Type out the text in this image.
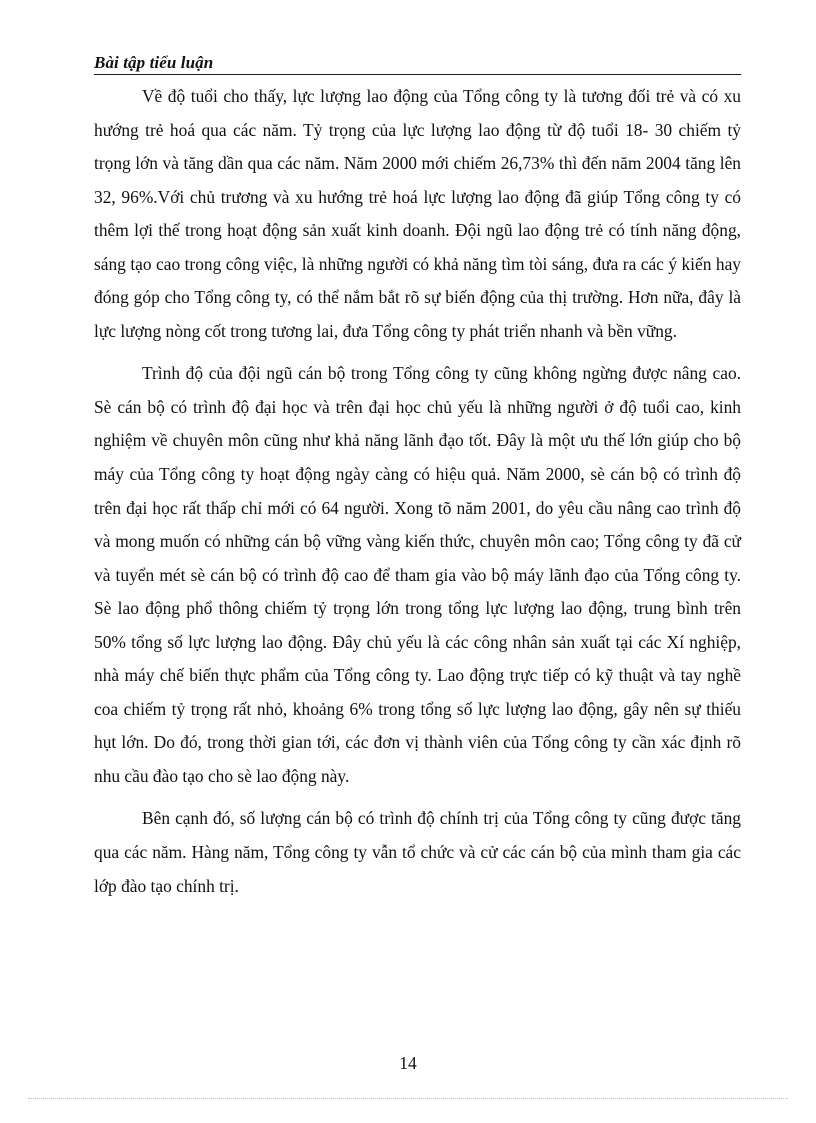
Bài tập tiểu luận

Về độ tuổi cho thấy, lực lượng lao động của Tổng công ty là tương đối trẻ và có xu hướng trẻ hoá qua các năm. Tỷ trọng của lực lượng lao động từ độ tuổi 18- 30 chiếm tỷ trọng lớn và tăng dần qua các năm. Năm 2000 mới chiếm 26,73% thì đến năm 2004 tăng lên 32, 96%.Với chủ trương và xu hướng trẻ hoá lực lượng lao động đã giúp Tổng công ty có thêm lợi thế trong hoạt động sản xuất kinh doanh. Đội ngũ lao động trẻ có tính năng động, sáng tạo cao trong công việc, là những người có khả năng tìm tòi sáng, đưa ra các ý kiến hay đóng góp cho Tổng công ty, có thể nắm bắt rõ sự biến động của thị trường. Hơn nữa, đây là lực lượng nòng cốt trong tương lai, đưa Tổng công ty phát triển nhanh và bền vững.

Trình độ của đội ngũ cán bộ trong Tổng công ty cũng không ngừng được nâng cao. Sè cán bộ có trình độ đại học và trên đại học chủ yếu là những người ở độ tuổi cao, kinh nghiệm về chuyên môn cũng như khả năng lãnh đạo tốt. Đây là một ưu thế lớn giúp cho bộ máy của Tổng công ty hoạt động ngày càng có hiệu quả. Năm 2000, sè cán bộ có trình độ trên đại học rất thấp chỉ mới có 64 người. Xong tõ năm 2001, do yêu cầu nâng cao trình độ và mong muốn có những cán bộ vững vàng kiến thức, chuyên môn cao; Tổng công ty đã cử và tuyển mét sè cán bộ có trình độ cao để tham gia vào bộ máy lãnh đạo của Tổng công ty. Sè lao động phổ thông chiếm tỷ trọng lớn trong tổng lực lượng lao động, trung bình trên 50% tổng số lực lượng lao động. Đây chủ yếu là các công nhân sản xuất tại các Xí nghiệp, nhà máy chế biến thực phẩm của Tổng công ty. Lao động trực tiếp có kỹ thuật và tay nghề coa chiếm tỷ trọng rất nhỏ, khoảng 6% trong tổng số lực lượng lao động, gây nên sự thiếu hụt lớn. Do đó, trong thời gian tới, các đơn vị thành viên của Tổng công ty cần xác định rõ nhu cầu đào tạo cho sè lao động này.

Bên cạnh đó, số lượng cán bộ có trình độ chính trị của Tổng công ty cũng được tăng qua các năm. Hàng năm, Tổng công ty vẫn tổ chức và cử các cán bộ của mình tham gia các lớp đào tạo chính trị.

14
